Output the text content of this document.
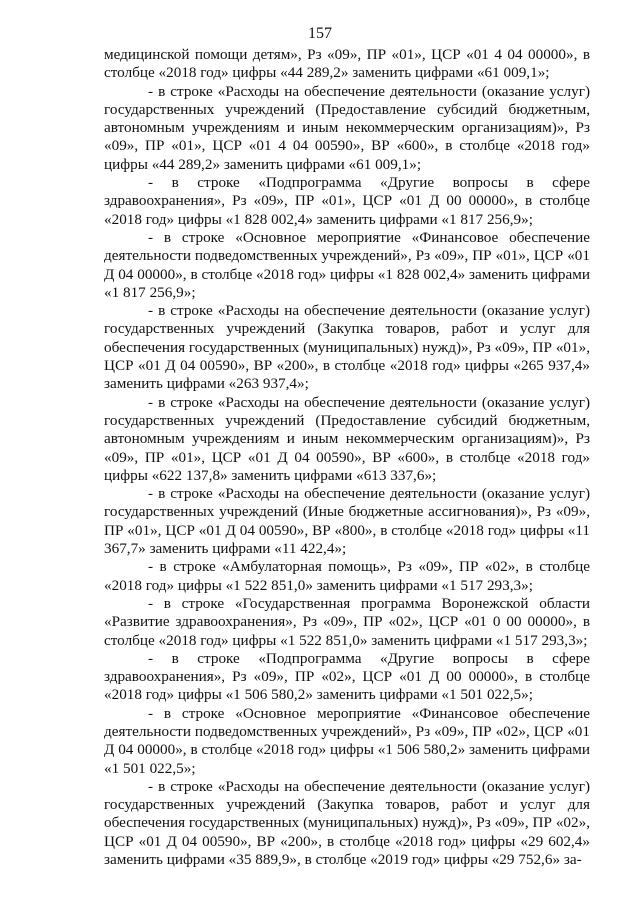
157

медицинской помощи детям», Рз «09», ПР «01», ЦСР «01 4 04 00000», в столбце «2018 год» цифры «44 289,2» заменить цифрами «61 009,1»;

- в строке «Расходы на обеспечение деятельности (оказание услуг) государственных учреждений (Предоставление субсидий бюджетным, автономным учреждениям и иным некоммерческим организациям)», Рз «09», ПР «01», ЦСР «01 4 04 00590», ВР «600», в столбце «2018 год» цифры «44 289,2» заменить цифрами «61 009,1»;

- в строке «Подпрограмма «Другие вопросы в сфере здравоохранения», Рз «09», ПР «01», ЦСР «01 Д 00 00000», в столбце «2018 год» цифры «1 828 002,4» заменить цифрами «1 817 256,9»;

- в строке «Основное мероприятие «Финансовое обеспечение деятельности подведомственных учреждений», Рз «09», ПР «01», ЦСР «01 Д 04 00000», в столбце «2018 год» цифры «1 828 002,4» заменить цифрами «1 817 256,9»;

- в строке «Расходы на обеспечение деятельности (оказание услуг) государственных учреждений (Закупка товаров, работ и услуг для обеспечения государственных (муниципальных) нужд)», Рз «09», ПР «01», ЦСР «01 Д 04 00590», ВР «200», в столбце «2018 год» цифры «265 937,4» заменить цифрами «263 937,4»;

- в строке «Расходы на обеспечение деятельности (оказание услуг) государственных учреждений (Предоставление субсидий бюджетным, автономным учреждениям и иным некоммерческим организациям)», Рз «09», ПР «01», ЦСР «01 Д 04 00590», ВР «600», в столбце «2018 год» цифры «622 137,8» заменить цифрами «613 337,6»;

- в строке «Расходы на обеспечение деятельности (оказание услуг) государственных учреждений (Иные бюджетные ассигнования)», Рз «09», ПР «01», ЦСР «01 Д 04 00590», ВР «800», в столбце «2018 год» цифры «11 367,7» заменить цифрами «11 422,4»;

- в строке «Амбулаторная помощь», Рз «09», ПР «02», в столбце «2018 год» цифры «1 522 851,0» заменить цифрами «1 517 293,3»;

- в строке «Государственная программа Воронежской области «Развитие здравоохранения», Рз «09», ПР «02», ЦСР «01 0 00 00000», в столбце «2018 год» цифры «1 522 851,0» заменить цифрами «1 517 293,3»;

- в строке «Подпрограмма «Другие вопросы в сфере здравоохранения», Рз «09», ПР «02», ЦСР «01 Д 00 00000», в столбце «2018 год» цифры «1 506 580,2» заменить цифрами «1 501 022,5»;

- в строке «Основное мероприятие «Финансовое обеспечение деятельности подведомственных учреждений», Рз «09», ПР «02», ЦСР «01 Д 04 00000», в столбце «2018 год» цифры «1 506 580,2» заменить цифрами «1 501 022,5»;

- в строке «Расходы на обеспечение деятельности (оказание услуг) государственных учреждений (Закупка товаров, работ и услуг для обеспечения государственных (муниципальных) нужд)», Рз «09», ПР «02», ЦСР «01 Д 04 00590», ВР «200», в столбце «2018 год» цифры «29 602,4» заменить цифрами «35 889,9», в столбце «2019 год» цифры «29 752,6» за-
